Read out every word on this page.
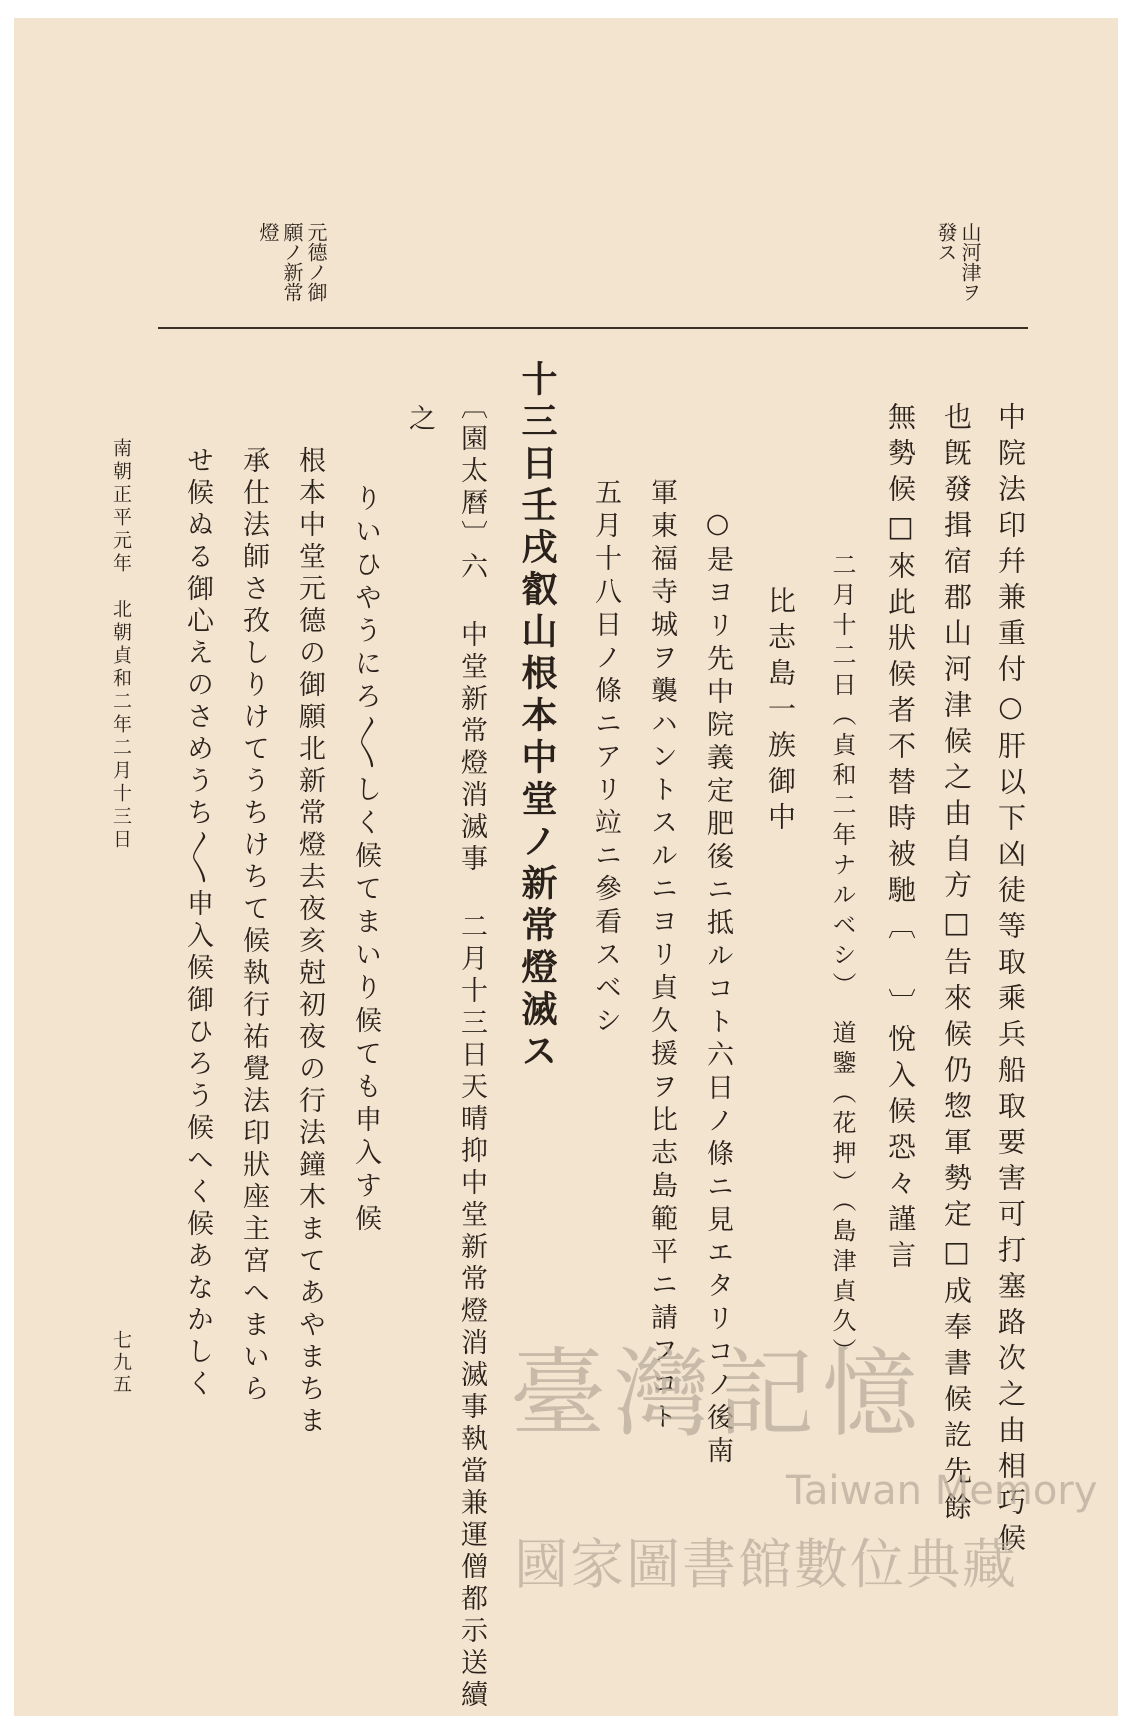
山河津ヲ
發ス
元德ノ御
願ノ新常
燈
中院法印幷兼重付○肝以下凶徒等取乘兵船取要害可打塞路次之由相巧候
也旣發揖宿郡山河津候之由自方□告來候仍惣軍勢定□成奉書候訖先餘
無勢候□來此狀候者不替時被馳〔 〕悅入候恐々謹言
二月十二日（貞和二年ナルベシ）　道鑒（花押）（島津貞久）
比志島一族御中
○是ヨリ先中院義定肥後ニ抵ルコト六日ノ條ニ見エタリコノ後南
軍東福寺城ヲ襲ハントスルニヨリ貞久援ヲ比志島範平ニ請フコト
五月十八日ノ條ニアリ竝ニ參看スベシ
十三日壬戌叡山根本中堂ノ新常燈滅ス
〔園太曆〕六 中堂新常燈消滅事 二月十三日天晴抑中堂新常燈消滅事執當兼運僧都示送續
之
りいひやうにろ〳〵しく候てまいり候ても申入す候
根本中堂元德の御願北新常燈去夜亥尅初夜の行法鐘木まてあやまちま
承仕法師さ孜しりけてうちけちて候執行祐覺法印狀座主宮へまいら
せ候ぬる御心えのさめうち〳〵申入候御ひろう候へく候あなかしく
南朝正平元年　北朝貞和二年二月十三日
七九五	臺灣記憶
Taiwan Memory
國家圖書館數位典藏
